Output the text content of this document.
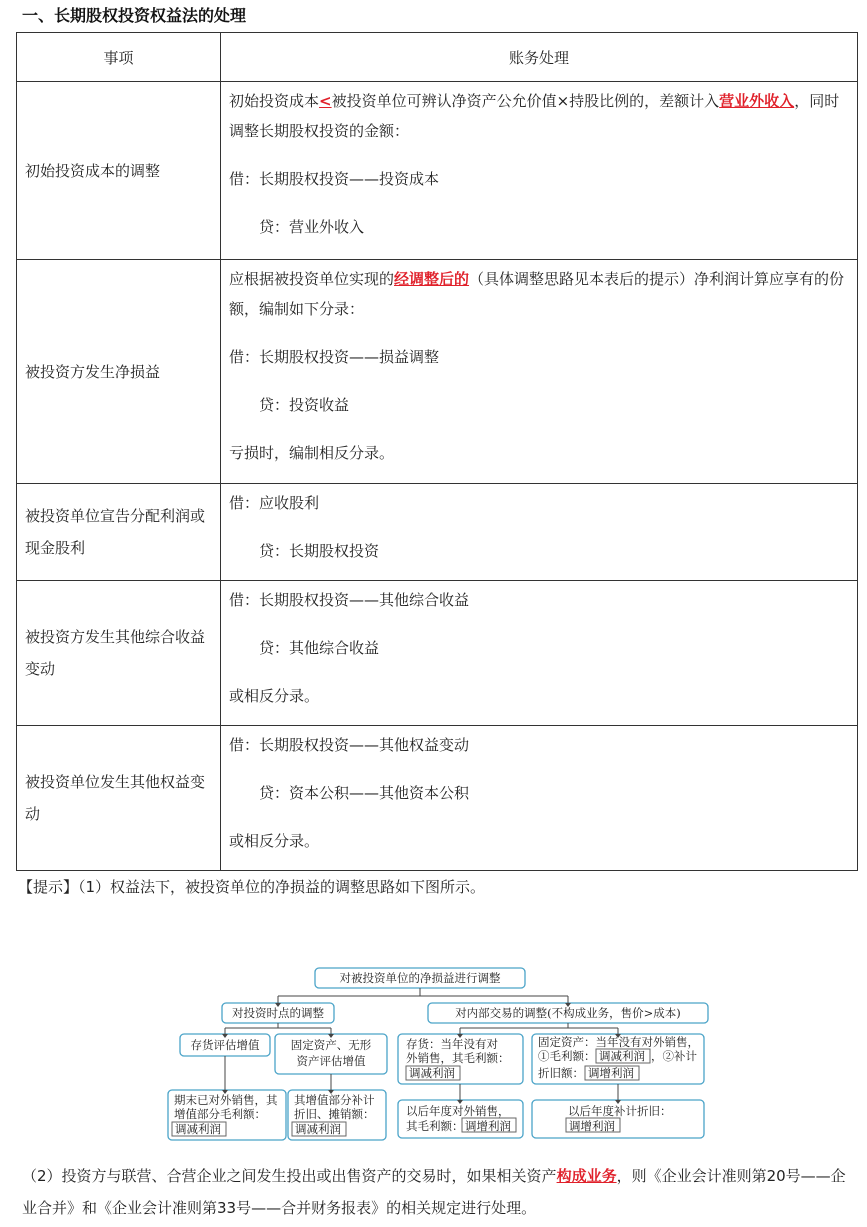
一、长期股权投资权益法的处理
事项	账务处理
初始投资成本的调整	初始投资成本<被投资单位可辨认净资产公允价值×持股比例的，差额计入营业外收入，同时调整长期股权投资的金额：

借：长期股权投资——投资成本

贷：营业外收入

被投资方发生净损益	应根据被投资单位实现的经调整后的（具体调整思路见本表后的提示）净利润计算应享有的份额，编制如下分录：

借：长期股权投资——损益调整

贷：投资收益

亏损时，编制相反分录。

被投资单位宣告分配利润或现金股利	借：应收股利

贷：长期股权投资

被投资方发生其他综合收益变动	借：长期股权投资——其他综合收益

贷：其他综合收益

或相反分录。

被投资单位发生其他权益变动	借：长期股权投资——其他权益变动

贷：资本公积——其他资本公积

或相反分录。

【提示】（1）权益法下，被投资单位的净损益的调整思路如下图所示。
对被投资单位的净损益进行调整
对投资时点的调整	对内部交易的调整(不构成业务，售价>成本)
存货评估增值	固定资产、无形
资产评估增值
期末已对外销售，其
增值部分毛利额：
调减利润
其增值部分补计
折旧、摊销额：
调减利润
存货：当年没有对
外销售，其毛利额：
调减利润
固定资产：当年没有对外销售，
①毛利额： 调减利润 ，②补计
折旧额： 调增利润
以后年度对外销售，
其毛利额： 调增利润
以后年度补计折旧：
调增利润
（2）投资方与联营、合营企业之间发生投出或出售资产的交易时，如果相关资产构成业务，则《企业会计准则第20号——企业合并》和《企业会计准则第33号——合并财务报表》的相关规定进行处理。
